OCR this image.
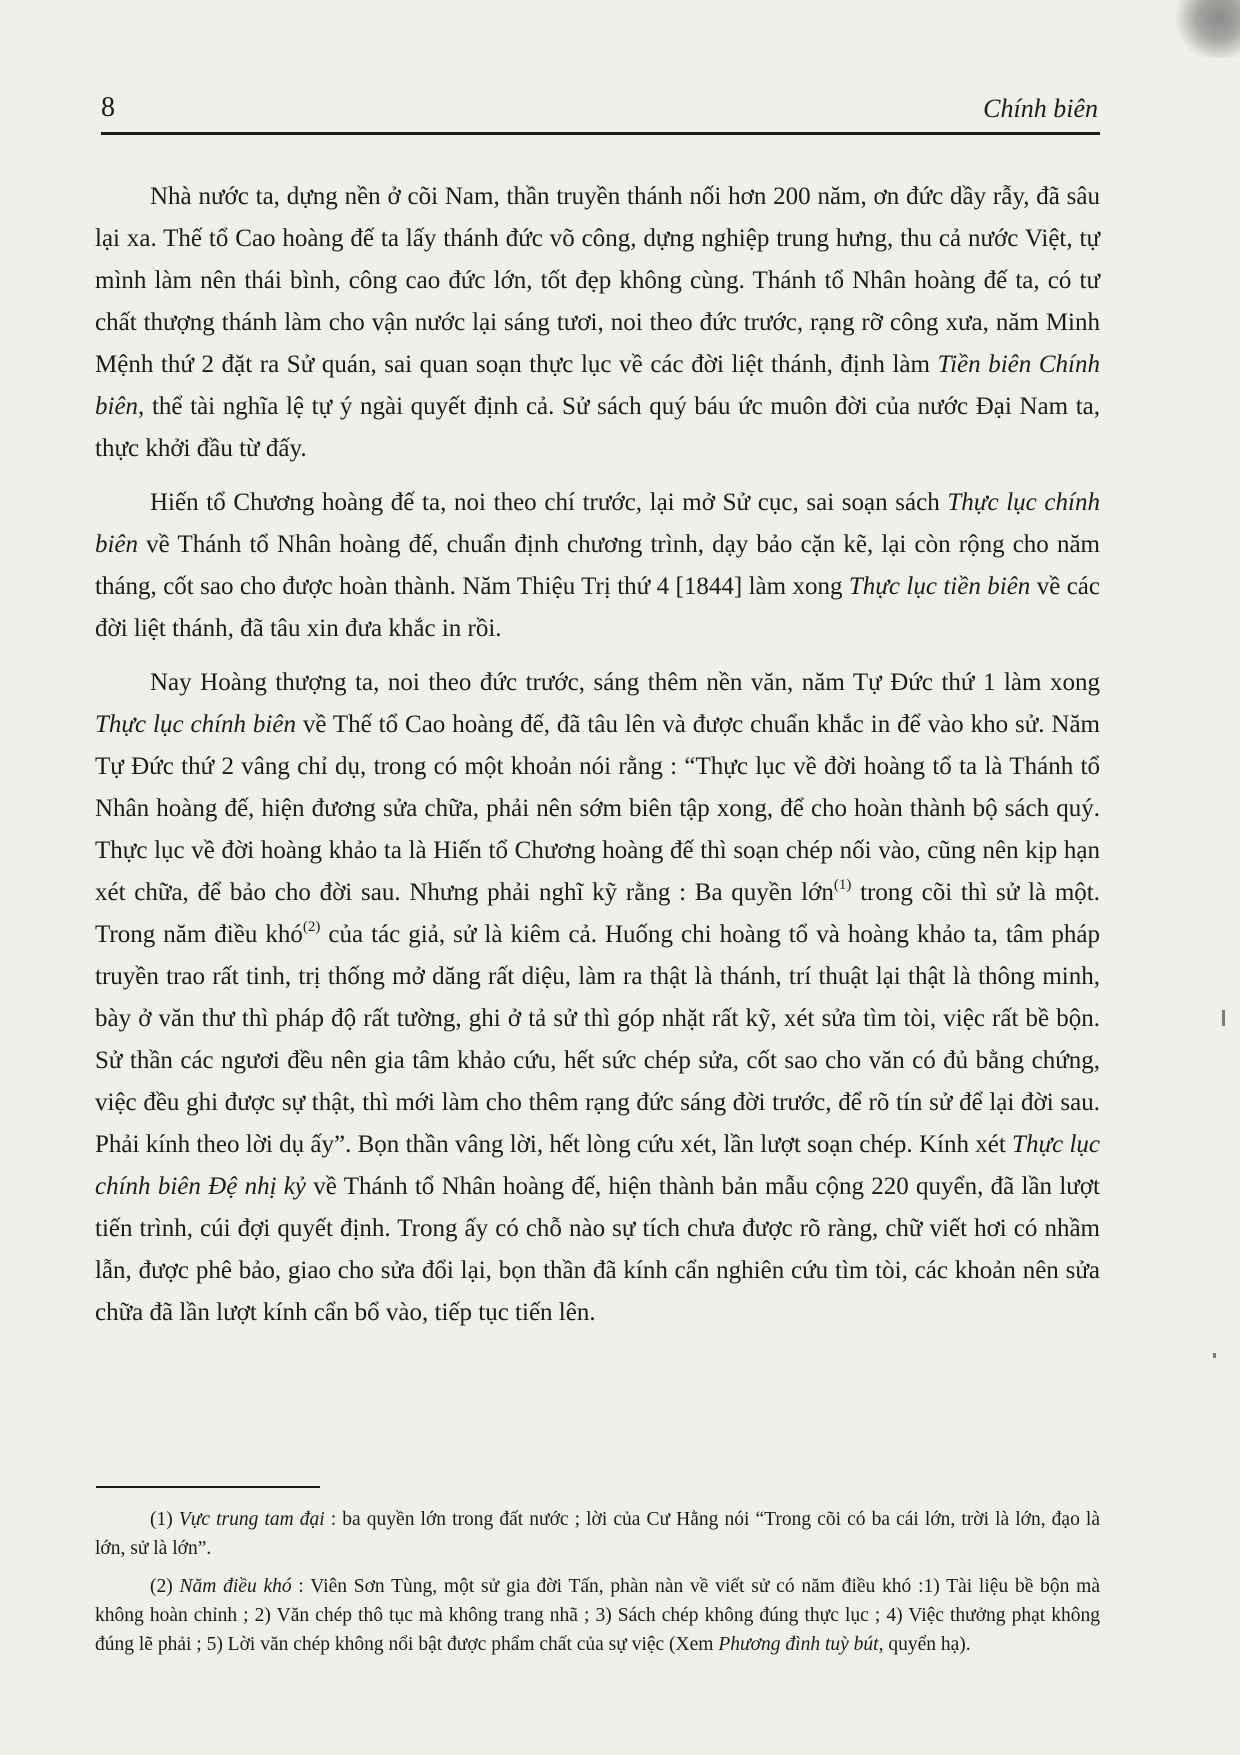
8	Chính biên

Nhà nước ta, dựng nền ở cõi Nam, thần truyền thánh nối hơn 200 năm, ơn đức dầy rẫy, đã sâu lại xa. Thế tổ Cao hoàng đế ta lấy thánh đức võ công, dựng nghiệp trung hưng, thu cả nước Việt, tự mình làm nên thái bình, công cao đức lớn, tốt đẹp không cùng. Thánh tổ Nhân hoàng đế ta, có tư chất thượng thánh làm cho vận nước lại sáng tươi, noi theo đức trước, rạng rỡ công xưa, năm Minh Mệnh thứ 2 đặt ra Sử quán, sai quan soạn thực lục về các đời liệt thánh, định làm Tiền biên Chính biên, thể tài nghĩa lệ tự ý ngài quyết định cả. Sử sách quý báu ức muôn đời của nước Đại Nam ta, thực khởi đầu từ đấy.

Hiến tổ Chương hoàng đế ta, noi theo chí trước, lại mở Sử cục, sai soạn sách Thực lục chính biên về Thánh tổ Nhân hoàng đế, chuẩn định chương trình, dạy bảo cặn kẽ, lại còn rộng cho năm tháng, cốt sao cho được hoàn thành. Năm Thiệu Trị thứ 4 [1844] làm xong Thực lục tiền biên về các đời liệt thánh, đã tâu xin đưa khắc in rồi.

Nay Hoàng thượng ta, noi theo đức trước, sáng thêm nền văn, năm Tự Đức thứ 1 làm xong Thực lục chính biên về Thế tổ Cao hoàng đế, đã tâu lên và được chuẩn khắc in để vào kho sử. Năm Tự Đức thứ 2 vâng chỉ dụ, trong có một khoản nói rằng : “Thực lục về đời hoàng tổ ta là Thánh tổ Nhân hoàng đế, hiện đương sửa chữa, phải nên sớm biên tập xong, để cho hoàn thành bộ sách quý. Thực lục về đời hoàng khảo ta là Hiến tổ Chương hoàng đế thì soạn chép nối vào, cũng nên kịp hạn xét chữa, để bảo cho đời sau. Nhưng phải nghĩ kỹ rằng : Ba quyền lớn$^{(1)}$ trong cõi thì sử là một. Trong năm điều khó$^{(2)}$ của tác giả, sử là kiêm cả. Huống chi hoàng tổ và hoàng khảo ta, tâm pháp truyền trao rất tinh, trị thống mở dăng rất diệu, làm ra thật là thánh, trí thuật lại thật là thông minh, bày ở văn thư thì pháp độ rất tường, ghi ở tả sử thì góp nhặt rất kỹ, xét sửa tìm tòi, việc rất bề bộn. Sử thần các ngươi đều nên gia tâm khảo cứu, hết sức chép sửa, cốt sao cho văn có đủ bằng chứng, việc đều ghi được sự thật, thì mới làm cho thêm rạng đức sáng đời trước, để rõ tín sử để lại đời sau. Phải kính theo lời dụ ấy”. Bọn thần vâng lời, hết lòng cứu xét, lần lượt soạn chép. Kính xét Thực lục chính biên Đệ nhị kỷ về Thánh tổ Nhân hoàng đế, hiện thành bản mẫu cộng 220 quyển, đã lần lượt tiến trình, cúi đợi quyết định. Trong ấy có chỗ nào sự tích chưa được rõ ràng, chữ viết hơi có nhầm lẫn, được phê bảo, giao cho sửa đổi lại, bọn thần đã kính cẩn nghiên cứu tìm tòi, các khoản nên sửa chữa đã lần lượt kính cẩn bổ vào, tiếp tục tiến lên.

(1) Vực trung tam đại : ba quyền lớn trong đất nước ; lời của Cư Hằng nói “Trong cõi có ba cái lớn, trời là lớn, đạo là lớn, sử là lớn”.

(2) Năm điều khó : Viên Sơn Tùng, một sử gia đời Tấn, phàn nàn về viết sử có năm điều khó :1) Tài liệu bề bộn mà không hoàn chỉnh ; 2) Văn chép thô tục mà không trang nhã ; 3) Sách chép không đúng thực lục ; 4) Việc thưởng phạt không đúng lẽ phải ; 5) Lời văn chép không nổi bật được phẩm chất của sự việc (Xem Phương đình tuỳ bút, quyển hạ).
